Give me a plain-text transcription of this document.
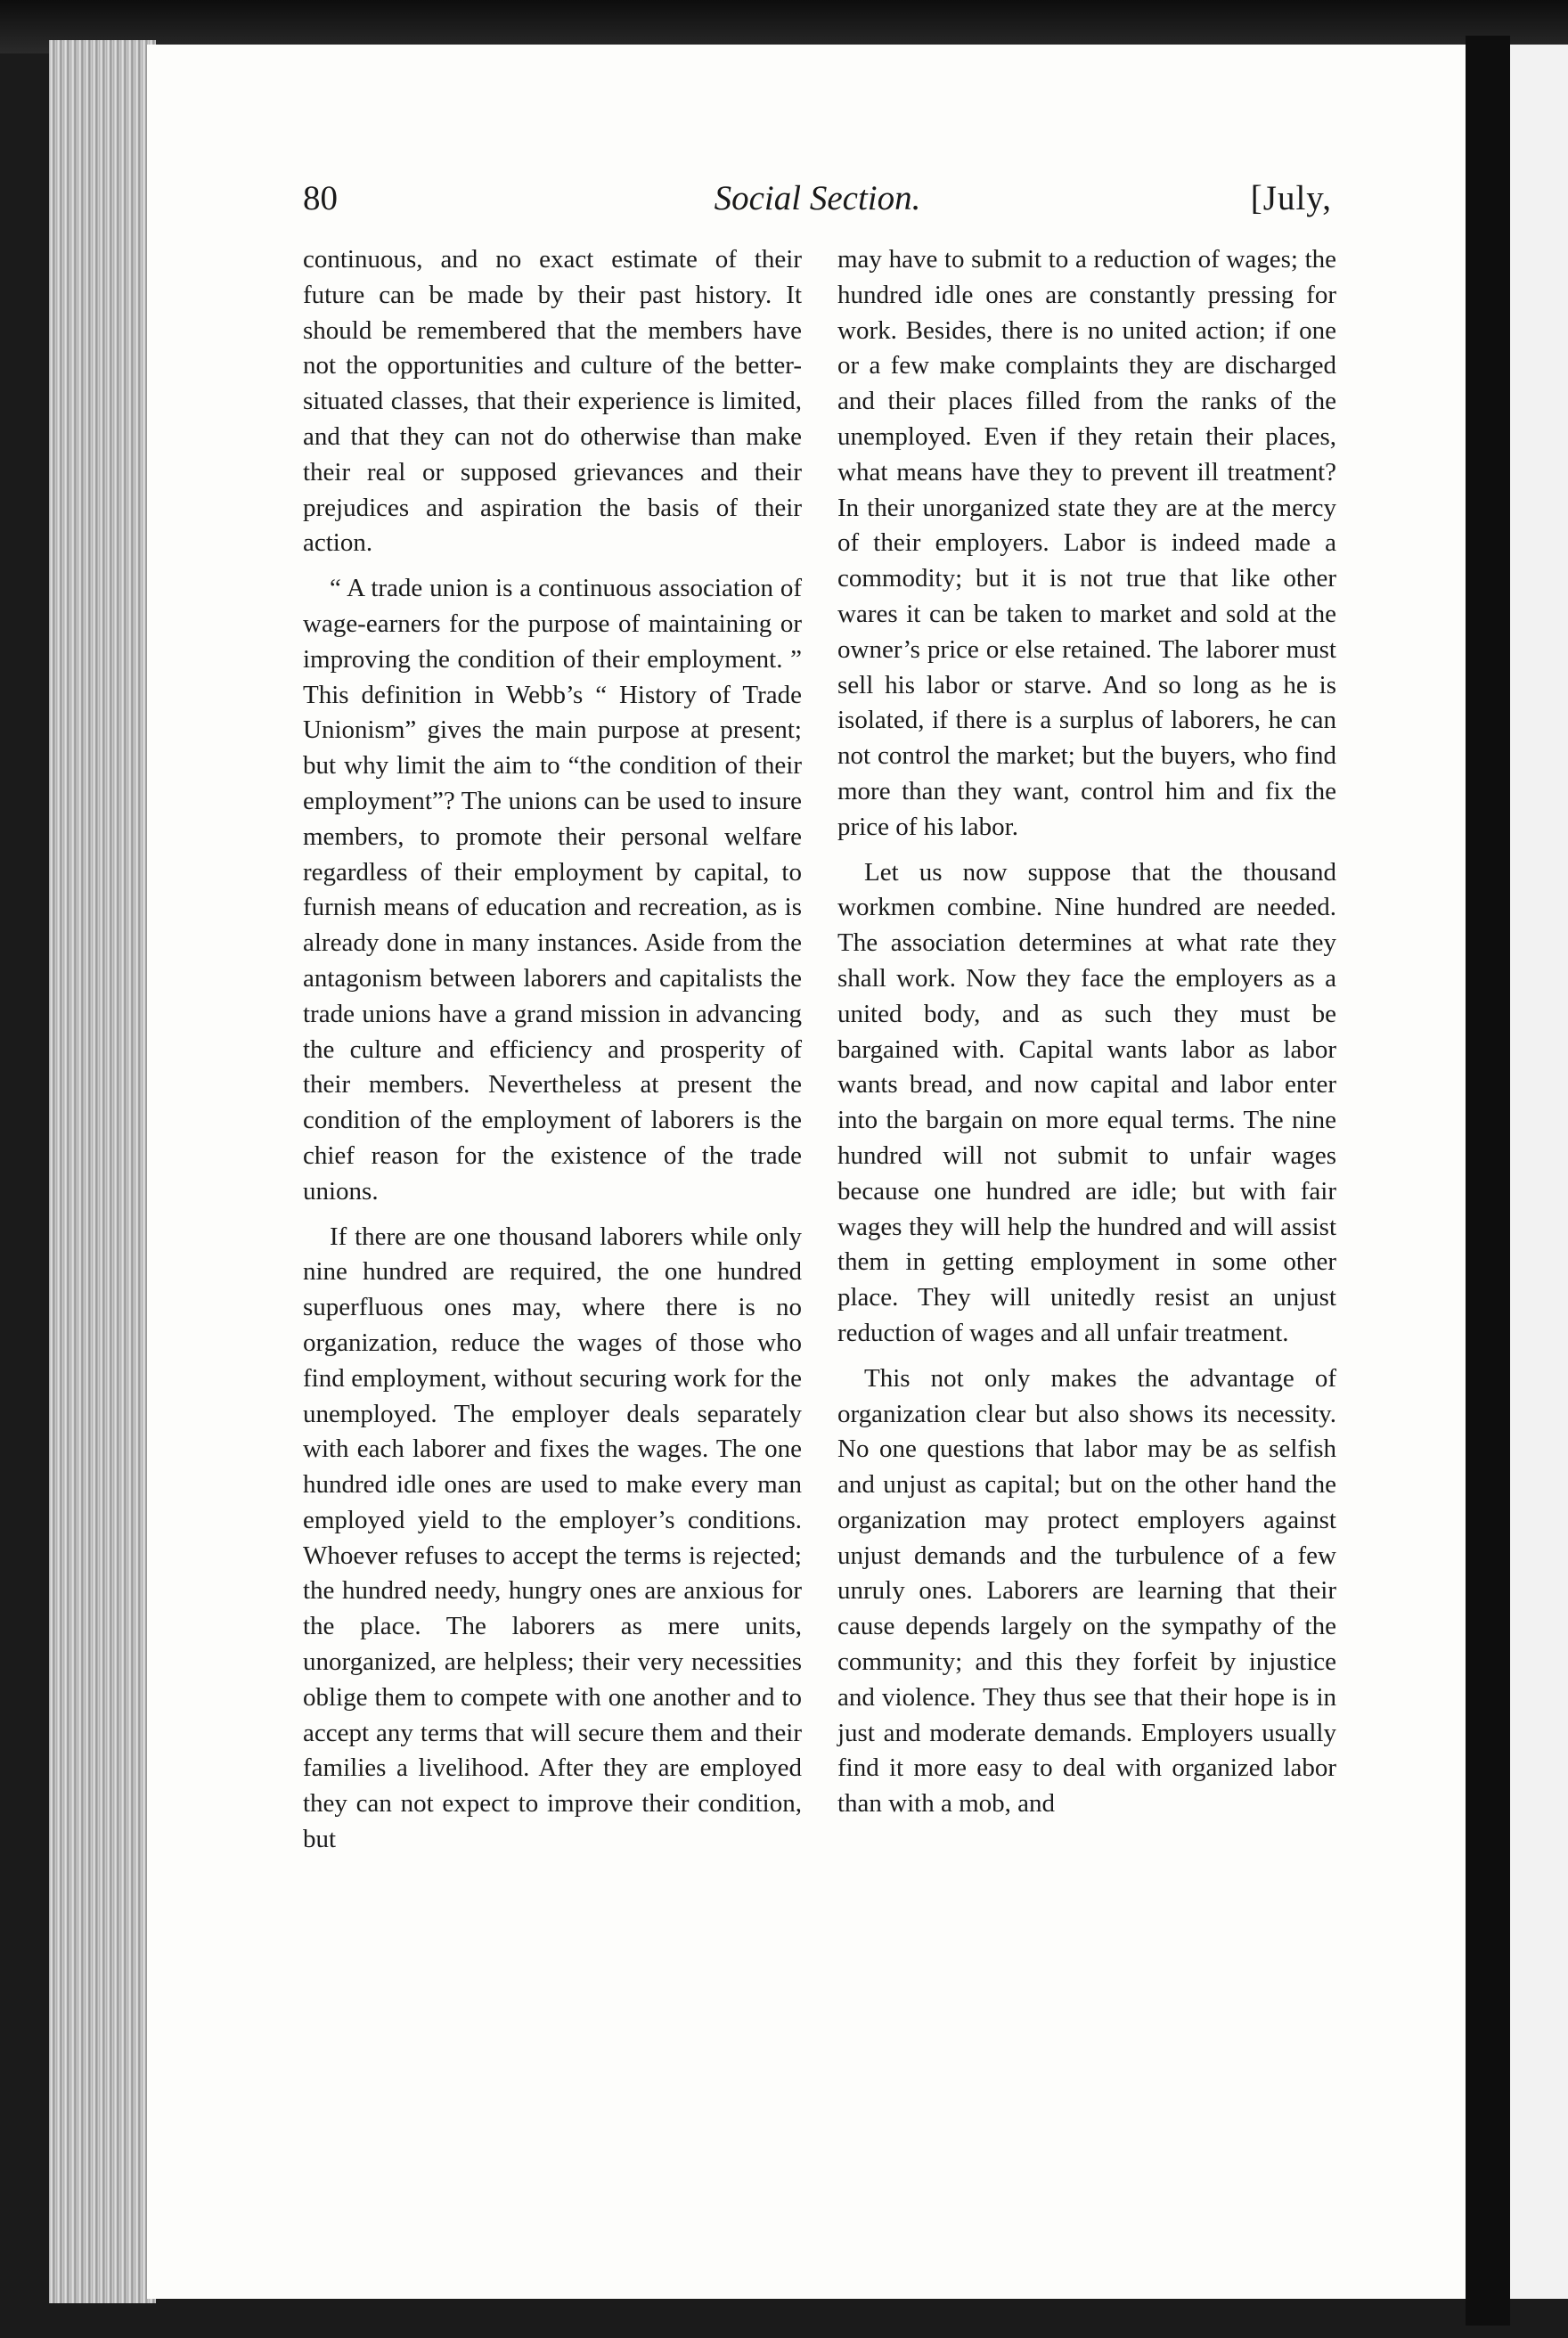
80	Social Section.	[July,

continuous, and no exact estimate of their future can be made by their past history. It should be remembered that the members have not the opportunities and culture of the better-situated classes, that their experience is limited, and that they can not do otherwise than make their real or supposed grievances and their prejudices and aspiration the basis of their action.

“ A trade union is a continuous association of wage-earners for the purpose of maintaining or improving the condition of their employment. ” This definition in Webb’s “ History of Trade Unionism” gives the main purpose at present; but why limit the aim to “the condition of their employment”? The unions can be used to insure members, to promote their personal welfare regardless of their employment by capital, to furnish means of education and recreation, as is already done in many instances. Aside from the antagonism between laborers and capitalists the trade unions have a grand mission in advancing the culture and efficiency and prosperity of their members. Nevertheless at present the condition of the employment of laborers is the chief reason for the existence of the trade unions.

If there are one thousand laborers while only nine hundred are required, the one hundred superfluous ones may, where there is no organization, reduce the wages of those who find employment, without securing work for the unemployed. The employer deals separately with each laborer and fixes the wages. The one hundred idle ones are used to make every man employed yield to the employer’s conditions. Whoever refuses to accept the terms is rejected; the hundred needy, hungry ones are anxious for the place. The laborers as mere units, unorganized, are helpless; their very necessities oblige them to compete with one another and to accept any terms that will secure them and their families a livelihood. After they are employed they can not expect to improve their condition, but

may have to submit to a reduction of wages; the hundred idle ones are constantly pressing for work. Besides, there is no united action; if one or a few make complaints they are discharged and their places filled from the ranks of the unemployed. Even if they retain their places, what means have they to prevent ill treatment? In their unorganized state they are at the mercy of their employers. Labor is indeed made a commodity; but it is not true that like other wares it can be taken to market and sold at the owner’s price or else retained. The laborer must sell his labor or starve. And so long as he is isolated, if there is a surplus of laborers, he can not control the market; but the buyers, who find more than they want, control him and fix the price of his labor.

Let us now suppose that the thousand workmen combine. Nine hundred are needed. The association determines at what rate they shall work. Now they face the employers as a united body, and as such they must be bargained with. Capital wants labor as labor wants bread, and now capital and labor enter into the bargain on more equal terms. The nine hundred will not submit to unfair wages because one hundred are idle; but with fair wages they will help the hundred and will assist them in getting employment in some other place. They will unitedly resist an unjust reduction of wages and all unfair treatment.

This not only makes the advantage of organization clear but also shows its necessity. No one questions that labor may be as selfish and unjust as capital; but on the other hand the organization may protect employers against unjust demands and the turbulence of a few unruly ones. Laborers are learning that their cause depends largely on the sympathy of the community; and this they forfeit by injustice and violence. They thus see that their hope is in just and moderate demands. Employers usually find it more easy to deal with organized labor than with a mob, and
